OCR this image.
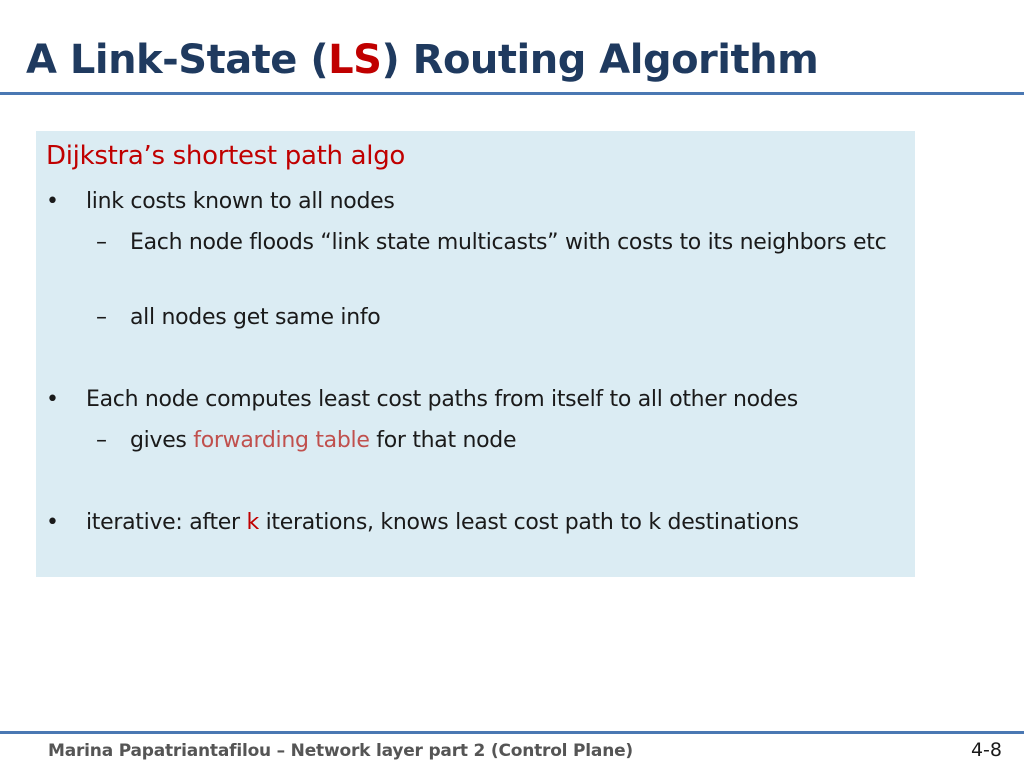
A Link-State (LS) Routing Algorithm
Dijkstra’s shortest path algo
• link costs known to all nodes
– Each node floods “link state multicasts” with costs to its neighbors etc
– all nodes get same info
• Each node computes least cost paths from itself to all other nodes
– gives forwarding table for that node
• iterative: after k iterations, knows least cost path to k destinations
Marina Papatriantafilou – Network layer part 2 (Control Plane)	4-8
